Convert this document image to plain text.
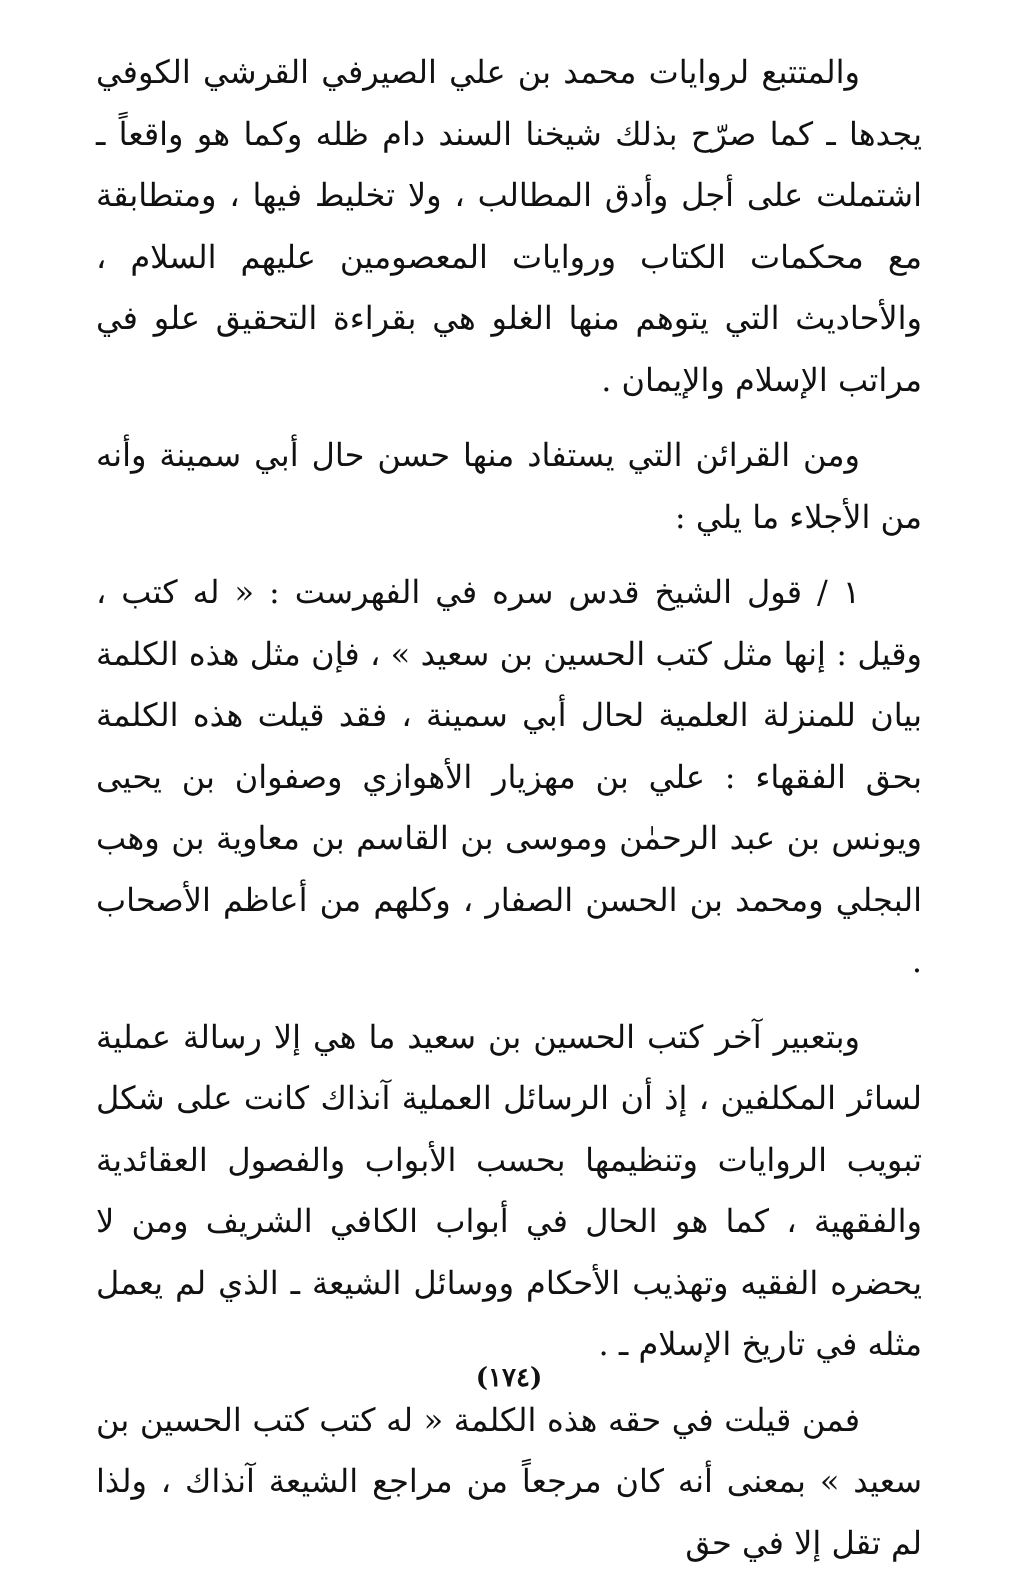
والمتتبع لروايات محمد بن علي الصيرفي القرشي الكوفي يجدها ـ كما صرّح بذلك شيخنا السند دام ظله وكما هو واقعاً ـ اشتملت على أجل وأدق المطالب ، ولا تخليط فيها ، ومتطابقة مع محكمات الكتاب وروايات المعصومين عليهم السلام ، والأحاديث التي يتوهم منها الغلو هي بقراءة التحقيق علو في مراتب الإسلام والإيمان .

ومن القرائن التي يستفاد منها حسن حال أبي سمينة وأنه من الأجلاء ما يلي :

١ / قول الشيخ قدس سره في الفهرست : « له كتب ، وقيل : إنها مثل كتب الحسين بن سعيد » ، فإن مثل هذه الكلمة بيان للمنزلة العلمية لحال أبي سمينة ، فقد قيلت هذه الكلمة بحق الفقهاء : علي بن مهزيار الأهوازي وصفوان بن يحيى ويونس بن عبد الرحمٰن وموسى بن القاسم بن معاوية بن وهب البجلي ومحمد بن الحسن الصفار ، وكلهم من أعاظم الأصحاب .

وبتعبير آخر كتب الحسين بن سعيد ما هي إلا رسالة عملية لسائر المكلفين ، إذ أن الرسائل العملية آنذاك كانت على شكل تبويب الروايات وتنظيمها بحسب الأبواب والفصول العقائدية والفقهية ، كما هو الحال في أبواب الكافي الشريف ومن لا يحضره الفقيه وتهذيب الأحكام ووسائل الشيعة ـ الذي لم يعمل مثله في تاريخ الإسلام ـ .

فمن قيلت في حقه هذه الكلمة « له كتب كتب الحسين بن سعيد » بمعنى أنه كان مرجعاً من مراجع الشيعة آنذاك ، ولذا لم تقل إلا في حق

(١٧٤)
